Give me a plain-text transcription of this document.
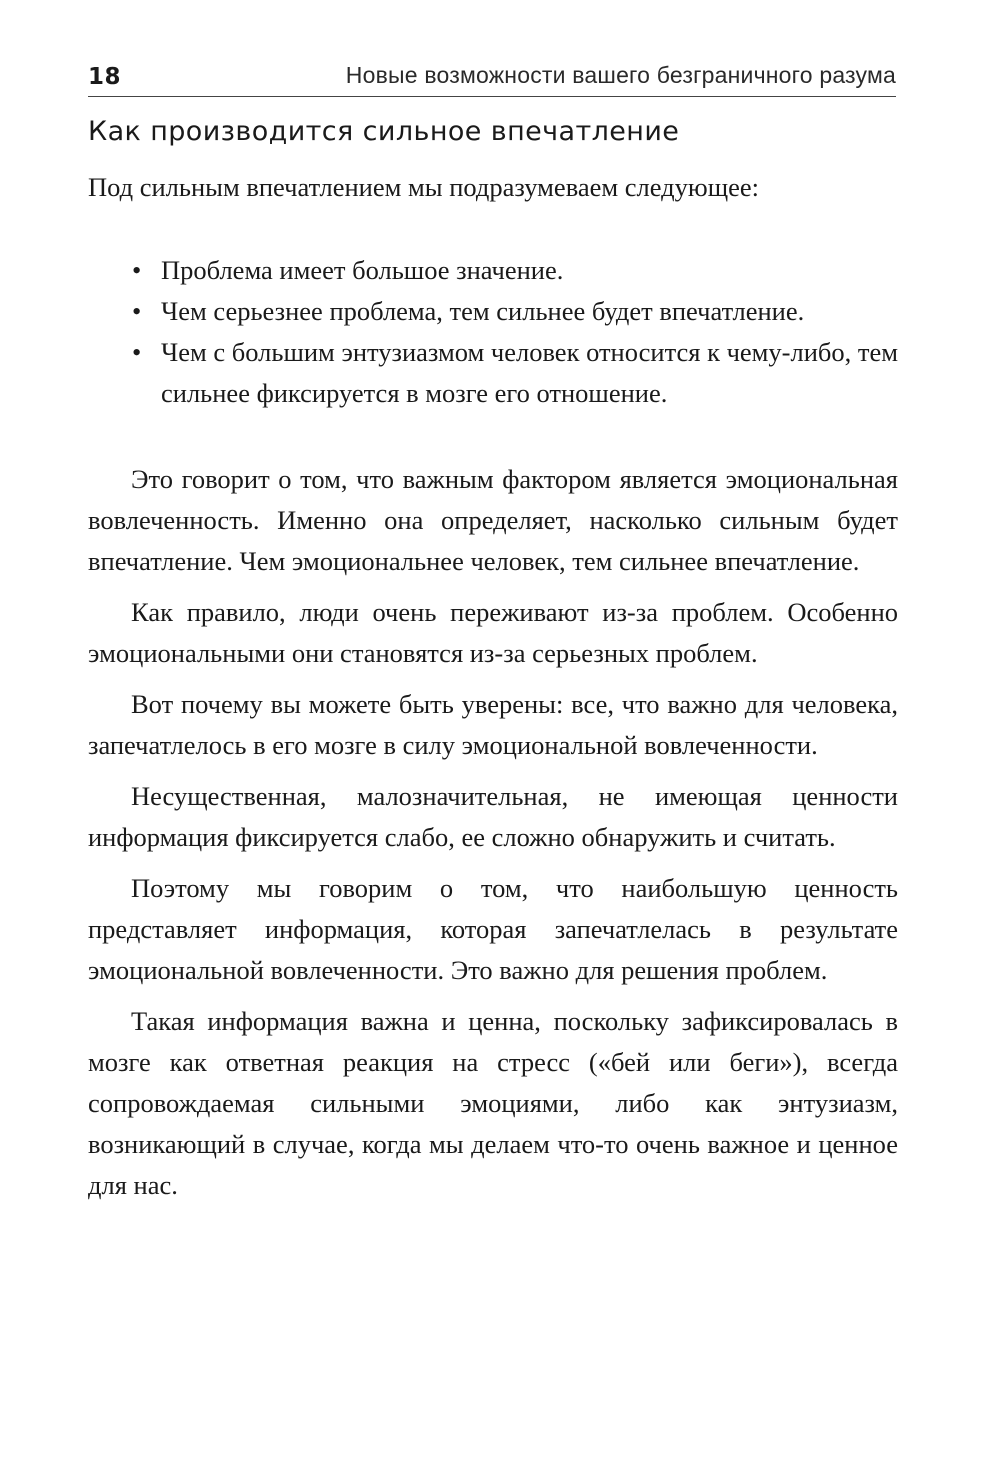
18	Новые возможности вашего безграничного разума
Как производится сильное впечатление

Под сильным впечатлением мы подразумеваем следующее:

• Проблема имеет большое значение.
• Чем серьезнее проблема, тем сильнее будет впечатление.
• Чем с большим энтузиазмом человек относится к чему-либо, тем сильнее фиксируется в мозге его отношение.

Это говорит о том, что важным фактором является эмоциональная вовлеченность. Именно она определяет, насколько сильным будет впечатление. Чем эмоциональнее человек, тем сильнее впечатление.

Как правило, люди очень переживают из-за проблем. Особенно эмоциональными они становятся из-за серьезных проблем.

Вот почему вы можете быть уверены: все, что важно для человека, запечатлелось в его мозге в силу эмоциональной вовлеченности.

Несущественная, малозначительная, не имеющая ценности информация фиксируется слабо, ее сложно обнаружить и считать.

Поэтому мы говорим о том, что наибольшую ценность представляет информация, которая запечатлелась в результате эмоциональной вовлеченности. Это важно для решения проблем.

Такая информация важна и ценна, поскольку зафиксировалась в мозге как ответная реакция на стресс («бей или беги»), всегда сопровождаемая сильными эмоциями, либо как энтузиазм, возникающий в случае, когда мы делаем что-то очень важное и ценное для нас.
